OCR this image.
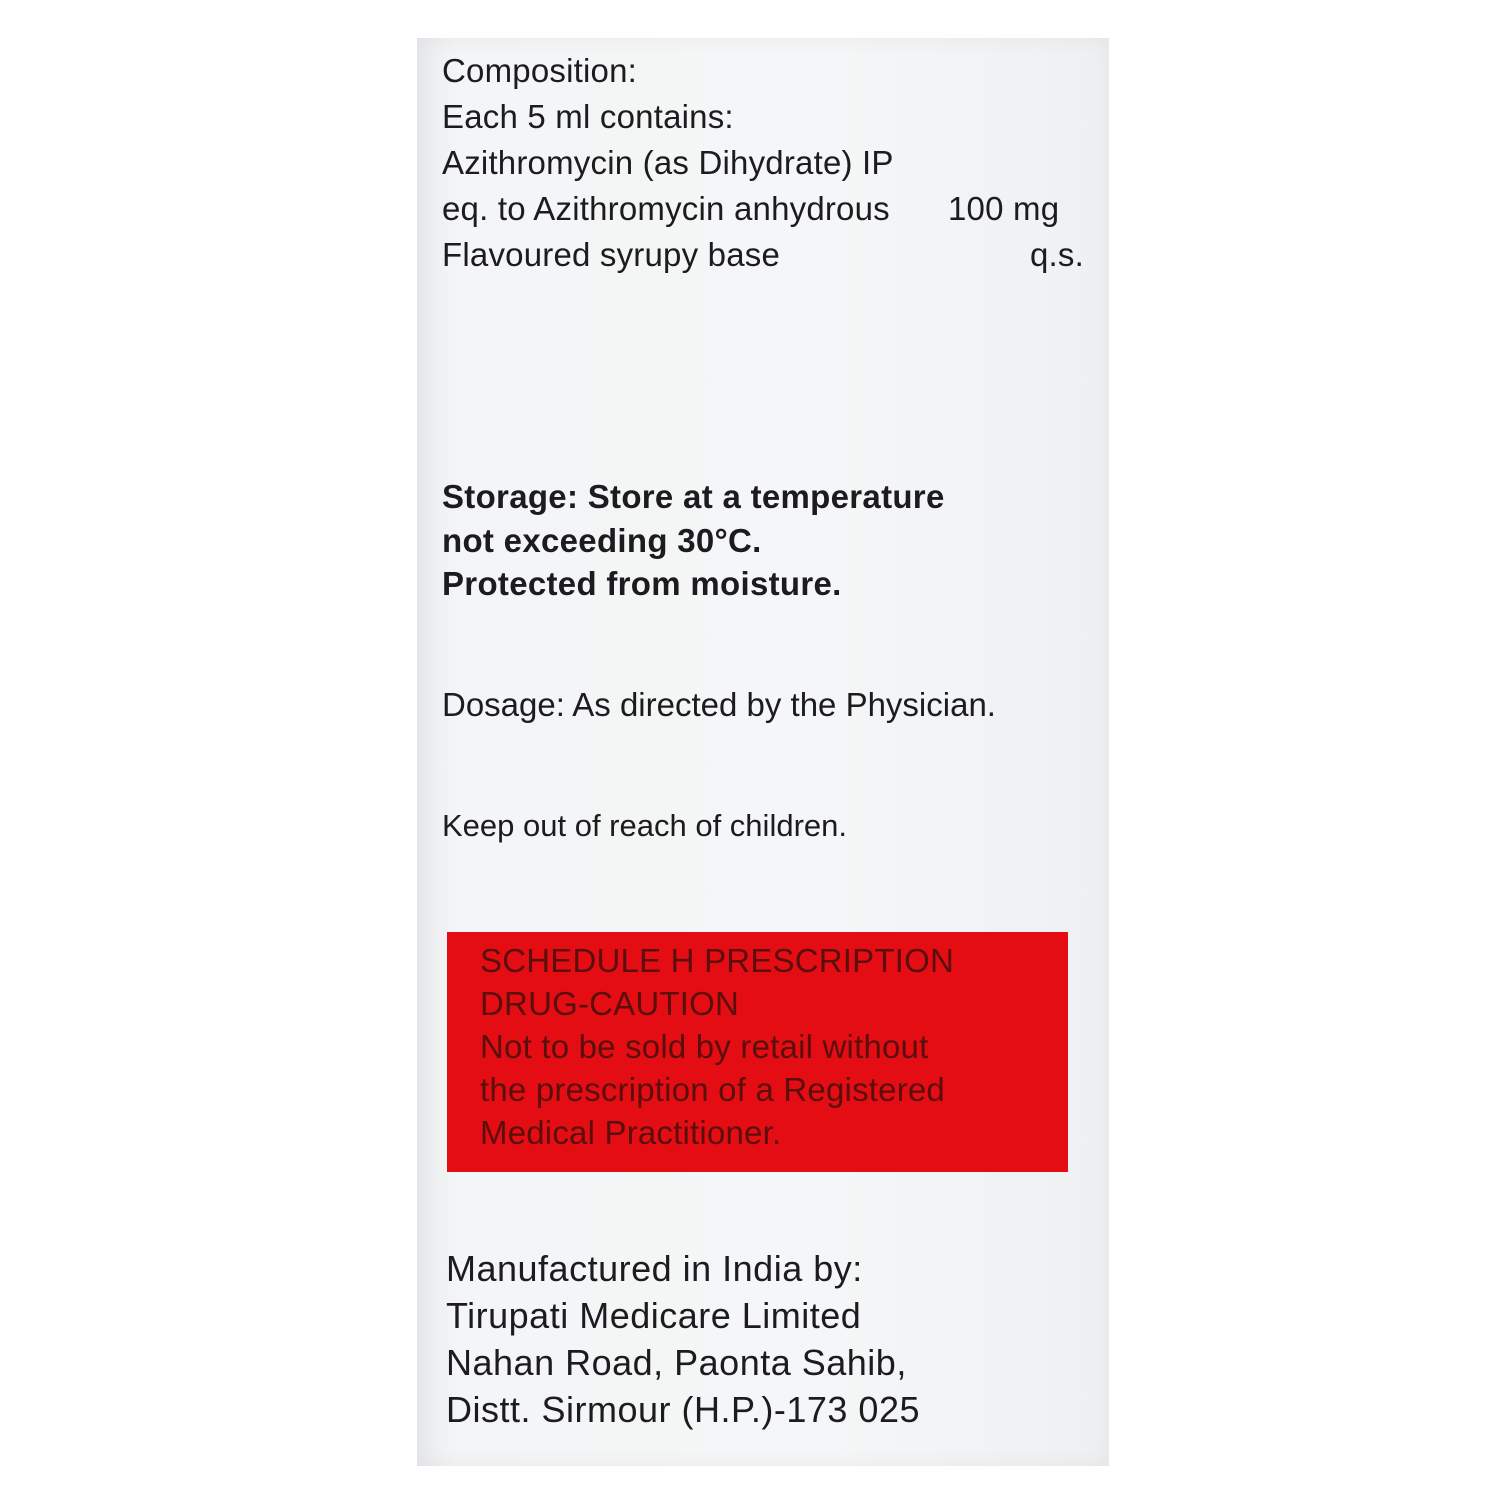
Composition:

Each 5 ml contains:

Azithromycin (as Dihydrate) IP

eq. to Azithromycin anhydrous 100 mg

Flavoured syrupy base	q.s.

Storage: Store at a temperature

not exceeding 30°C.

Protected from moisture.

Dosage: As directed by the Physician.

Keep out of reach of children.

SCHEDULE H PRESCRIPTION
DRUG-CAUTION
Not to be sold by retail without
the prescription of a Registered
Medical Practitioner.

Manufactured in India by:

Tirupati Medicare Limited

Nahan Road, Paonta Sahib,

Distt. Sirmour (H.P.)-173 025
